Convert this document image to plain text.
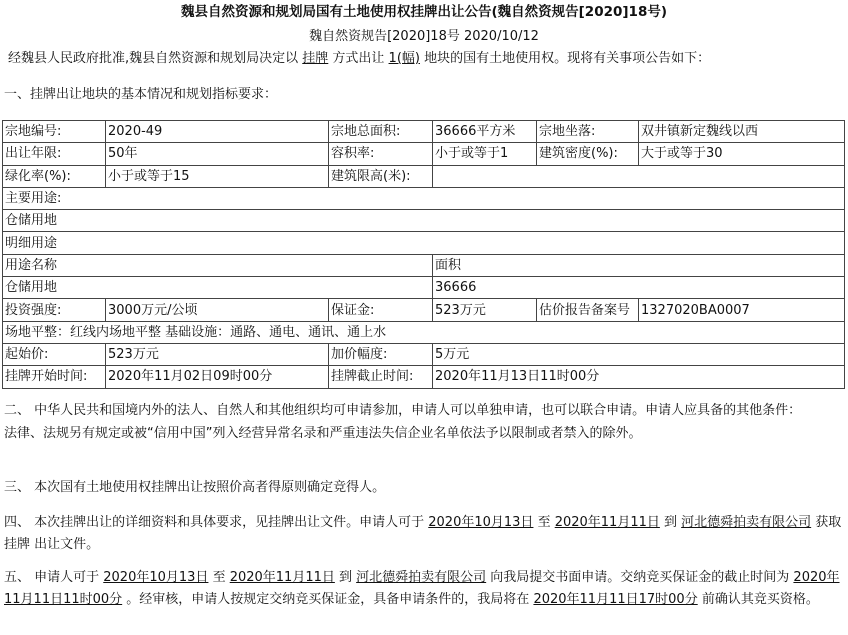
魏县自然资源和规划局国有土地使用权挂牌出让公告(魏自然资规告[2020]18号)
魏自然资规告[2020]18号 2020/10/12
经魏县人民政府批准,魏县自然资源和规划局决定以 挂牌 方式出让 1(幅) 地块的国有土地使用权。现将有关事项公告如下：
一、挂牌出让地块的基本情况和规划指标要求：
宗地编号:	2020-49	宗地总面积:	36666平方米	宗地坐落:	双井镇新定魏线以西
出让年限:	50年	容积率:	小于或等于1	建筑密度(%):	大于或等于30
绿化率(%):	小于或等于15	建筑限高(米):			
主要用途:					
仓储用地					
明细用途					
用途名称			面积		
仓储用地			36666		
投资强度:	3000万元/公顷	保证金:	523万元	估价报告备案号	1327020BA0007
场地平整：红线内场地平整 基础设施：通路、通电、通讯、通上水					
起始价:	523万元	加价幅度:	5万元		
挂牌开始时间:	2020年11月02日09时00分	挂牌截止时间:	2020年11月13日11时00分		
二、 中华人民共和国境内外的法人、自然人和其他组织均可申请参加，申请人可以单独申请，也可以联合申请。申请人应具备的其他条件：
法律、法规另有规定或被“信用中国”列入经营异常名录和严重违法失信企业名单依法予以限制或者禁入的除外。
三、 本次国有土地使用权挂牌出让按照价高者得原则确定竞得人。
四、 本次挂牌出让的详细资料和具体要求，见挂牌出让文件。申请人可于 2020年10月13日 至 2020年11月11日 到 河北德舜拍卖有限公司 获取 挂牌 出让文件。
五、 申请人可于 2020年10月13日 至 2020年11月11日 到 河北德舜拍卖有限公司 向我局提交书面申请。交纳竞买保证金的截止时间为 2020年11月11日11时00分 。经审核，申请人按规定交纳竞买保证金，具备申请条件的，我局将在 2020年11月11日17时00分 前确认其竞买资格。
